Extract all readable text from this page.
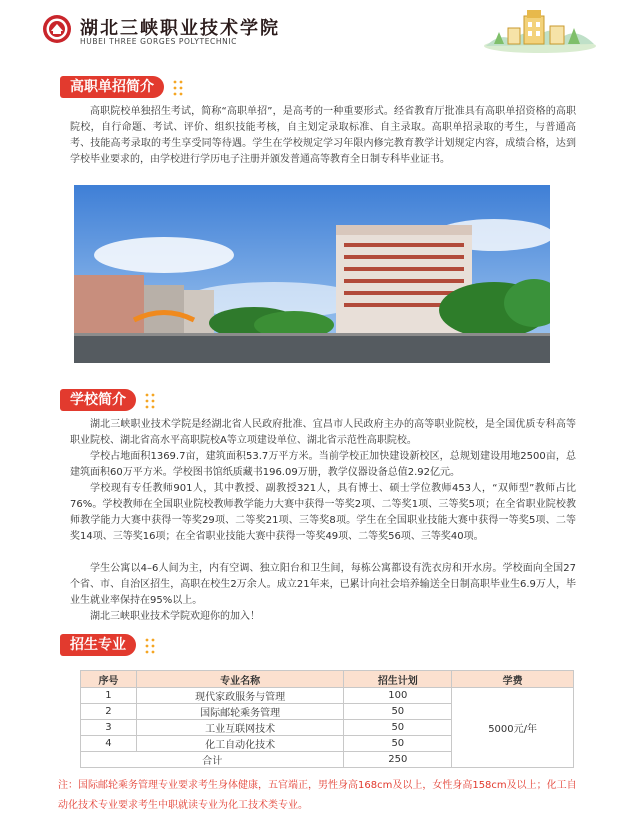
湖北三峡职业技术学院
HUBEI THREE GORGES POLYTECHNIC
高职单招简介

高职院校单独招生考试，简称“高职单招”，是高考的一种重要形式。经省教育厅批准具有高职单招资格的高职院校，自行命题、考试、评价、组织技能考核，自主划定录取标准、自主录取。高职单招录取的考生，与普通高考、技能高考录取的考生享受同等待遇。学生在学校规定学习年限内修完教育教学计划规定内容，成绩合格，达到学校毕业要求的，由学校进行学历电子注册并颁发普通高等教育全日制专科毕业证书。

学校简介

湖北三峡职业技术学院是经湖北省人民政府批准、宜昌市人民政府主办的高等职业院校，是全国优质专科高等职业院校、湖北省高水平高职院校A等立项建设单位、湖北省示范性高职院校。

学校占地面积1369.7亩，建筑面积53.7万平方米。当前学校正加快建设新校区，总规划建设用地2500亩，总建筑面积60万平方米。学校图书馆纸质藏书196.09万册，教学仪器设备总值2.92亿元。

学校现有专任教师901人，其中教授、副教授321人，具有博士、硕士学位教师453人，“双师型”教师占比76%。学校教师在全国职业院校教师教学能力大赛中获得一等奖2项、二等奖1项、三等奖5项；在全省职业院校教师教学能力大赛中获得一等奖29项、二等奖21项、三等奖8项。学生在全国职业技能大赛中获得一等奖5项、二等奖14项、三等奖16项；在全省职业技能大赛中获得一等奖49项、二等奖56项、三等奖40项。

学生公寓以4–6人间为主，内有空调、独立阳台和卫生间，每栋公寓都设有洗衣房和开水房。学校面向全国27个省、市、自治区招生，高职在校生2万余人。成立21年来，已累计向社会培养输送全日制高职毕业生6.9万人，毕业生就业率保持在95%以上。

湖北三峡职业技术学院欢迎你的加入！

招生专业
序号	专业名称	招生计划	学费
1	现代家政服务与管理	100	5000元/年
2	国际邮轮乘务管理	50	
3	工业互联网技术	50	
4	化工自动化技术	50	
合计		250	

注：国际邮轮乘务管理专业要求考生身体健康，五官端正，男性身高168cm及以上，女性身高158cm及以上；化工自动化技术专业要求考生中职就读专业为化工技术类专业。
